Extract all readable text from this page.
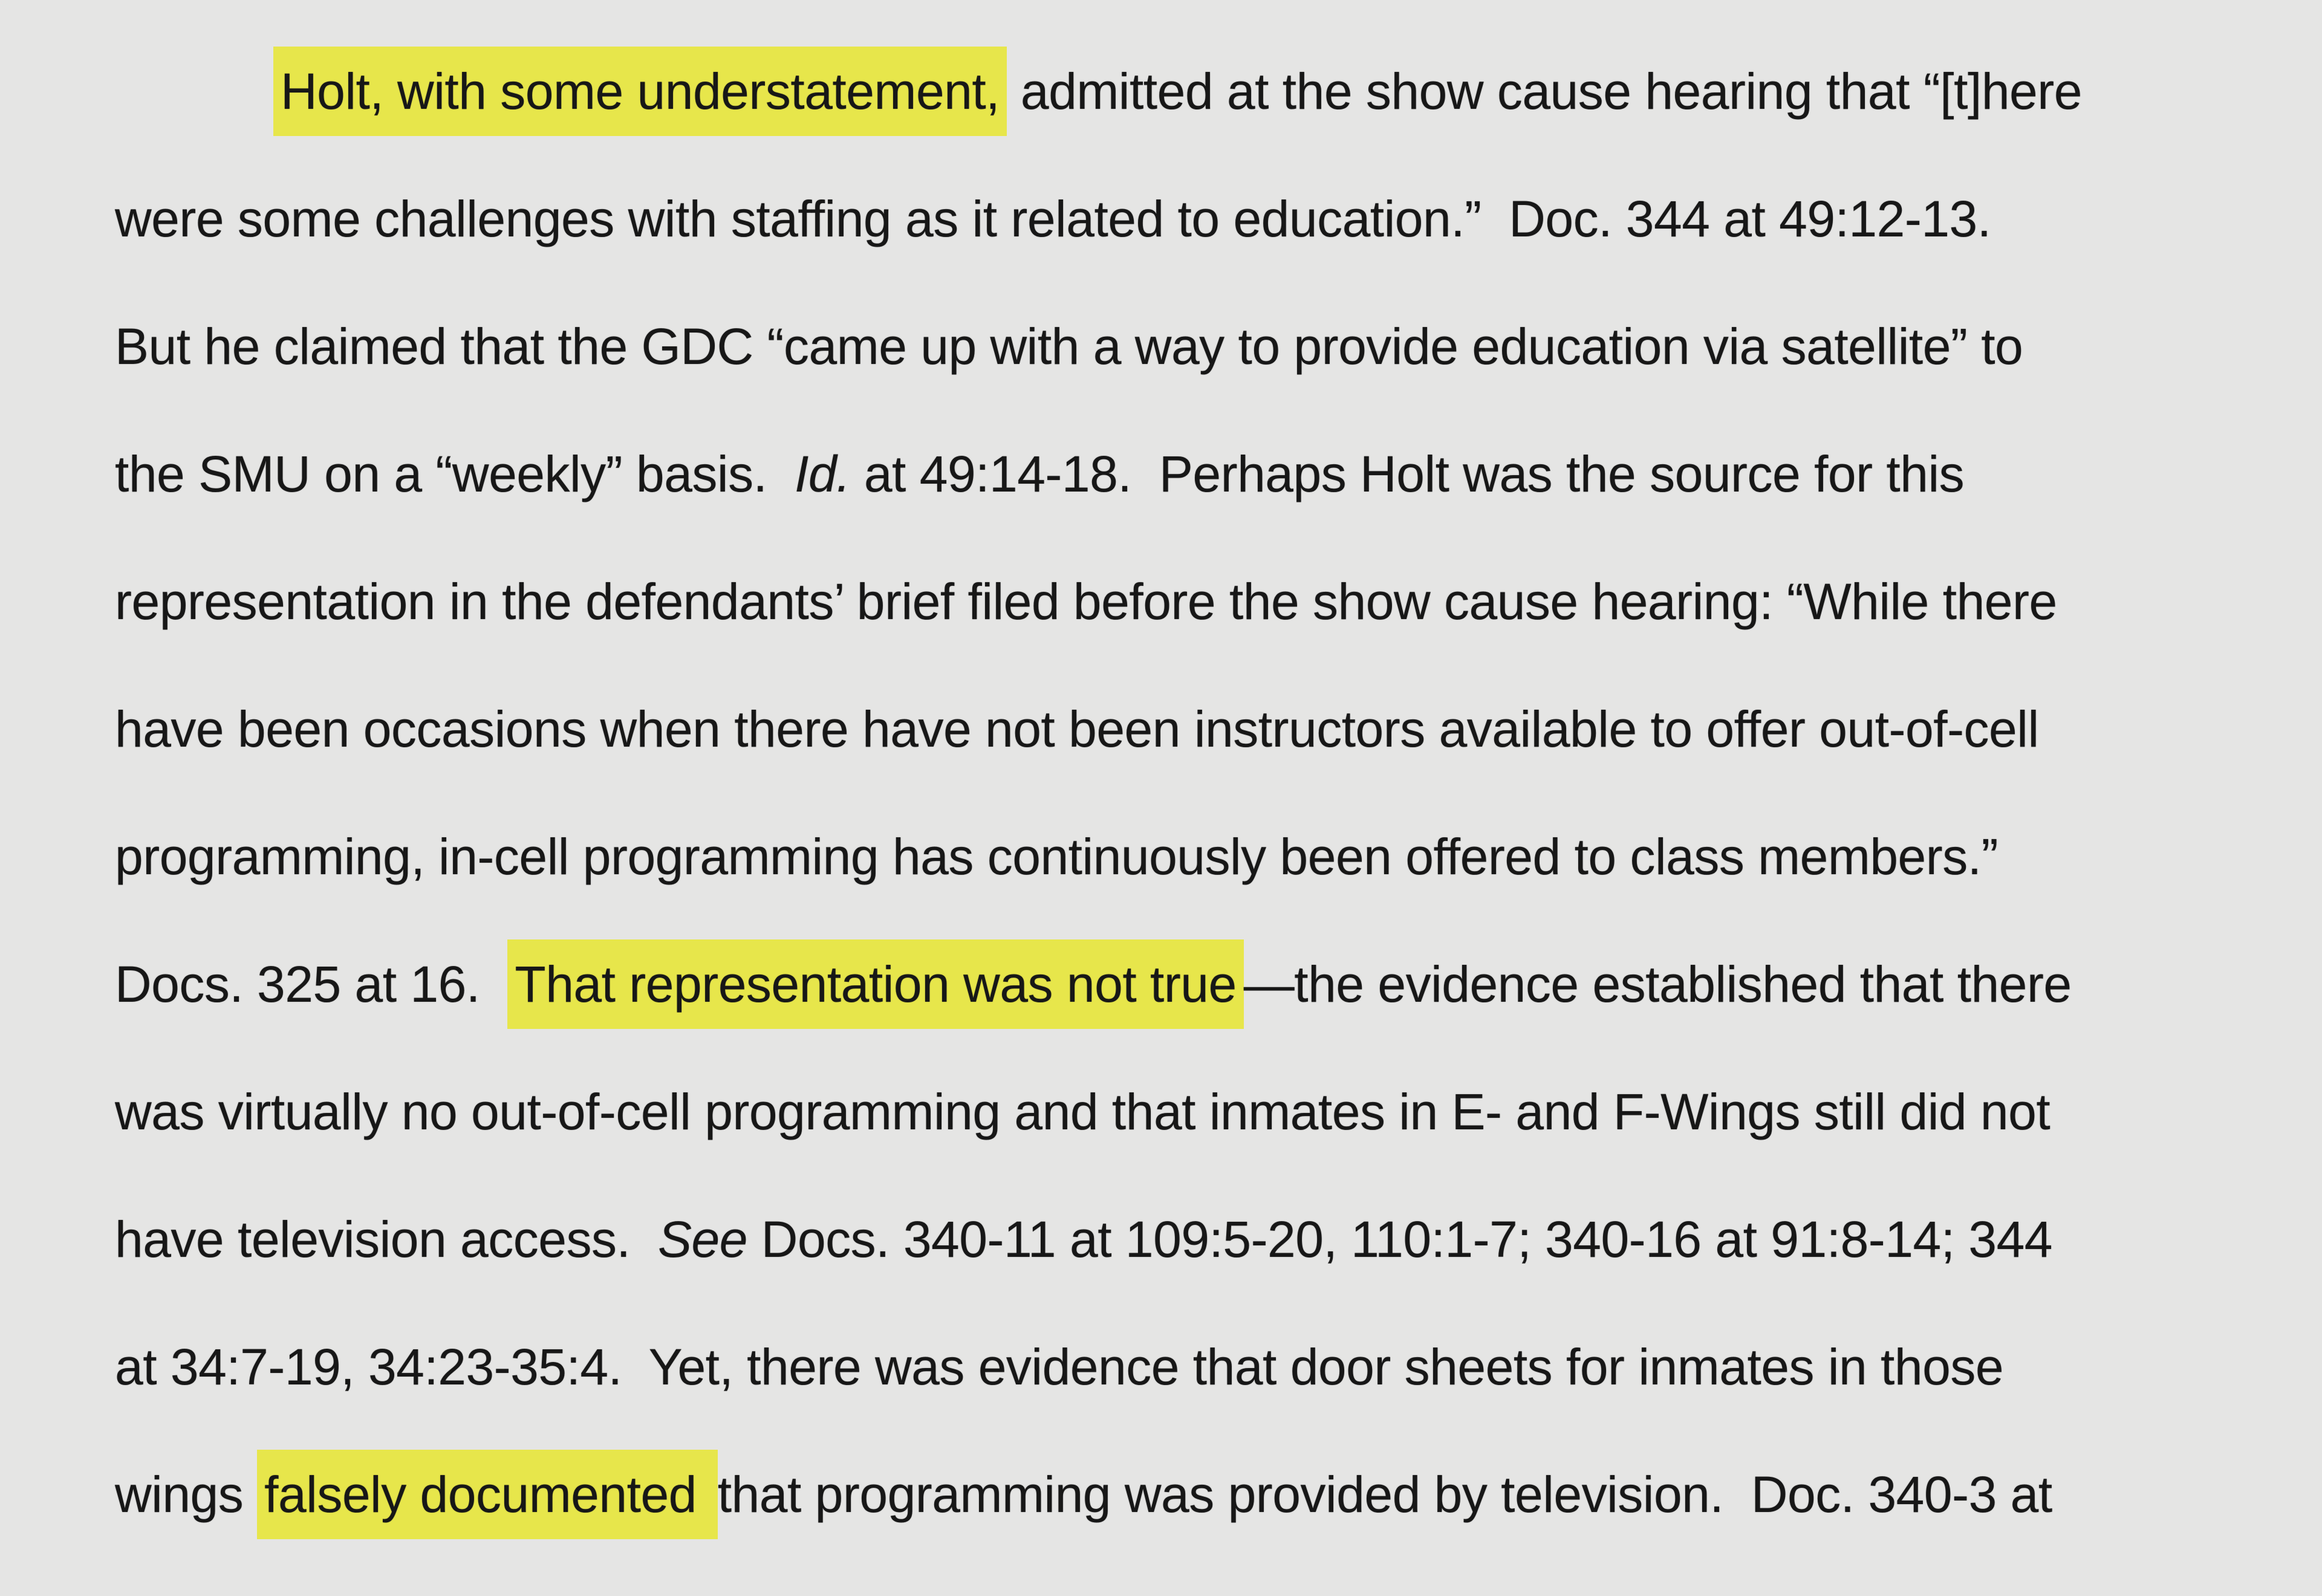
Holt, with some understatement, admitted at the show cause hearing that “[t]here
were some challenges with staffing as it related to education.”  Doc. 344 at 49:12-13.
But he claimed that the GDC “came up with a way to provide education via satellite” to
the SMU on a “weekly” basis.  Id. at 49:14-18.  Perhaps Holt was the source for this
representation in the defendants’ brief filed before the show cause hearing: “While there
have been occasions when there have not been instructors available to offer out-of-cell
programming, in-cell programming has continuously been offered to class members.”
Docs. 325 at 16.  That representation was not true —the evidence established that there
was virtually no out-of-cell programming and that inmates in E- and F-Wings still did not
have television access.  See Docs. 340-11 at 109:5-20, 110:1-7; 340-16 at 91:8-14; 344
at 34:7-19, 34:23-35:4.  Yet, there was evidence that door sheets for inmates in those
wings falsely documented that programming was provided by television.  Doc. 340-3 at
